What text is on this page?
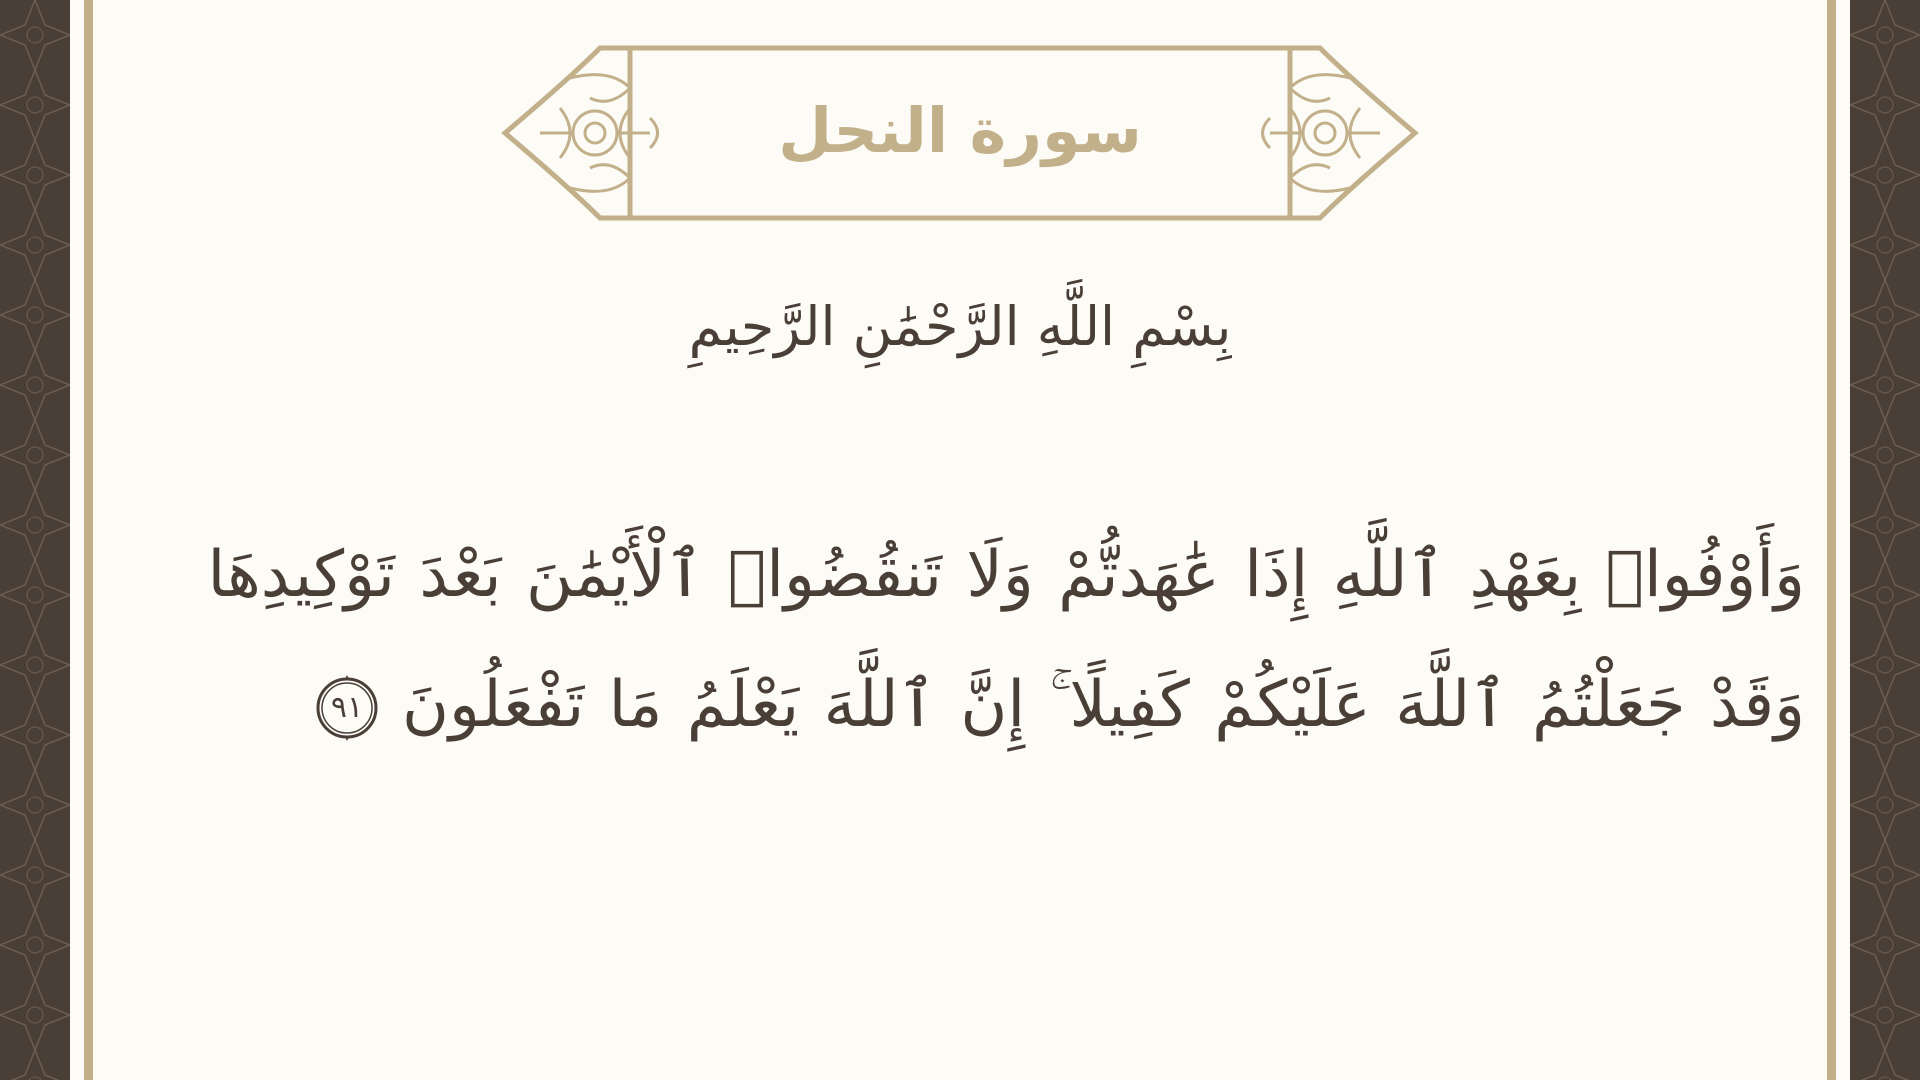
سورة النحل
بِسْمِ اللَّهِ الرَّحْمَٰنِ الرَّحِيمِ
وَأَوْفُوا۟ بِعَهْدِ ٱللَّهِ إِذَا عَٰهَدتُّمْ وَلَا تَنقُضُوا۟ ٱلْأَيْمَٰنَ بَعْدَ تَوْكِيدِهَا
وَقَدْ جَعَلْتُمُ ٱللَّهَ عَلَيْكُمْ كَفِيلًا ۚ إِنَّ ٱللَّهَ يَعْلَمُ مَا تَفْعَلُونَ
٩١
